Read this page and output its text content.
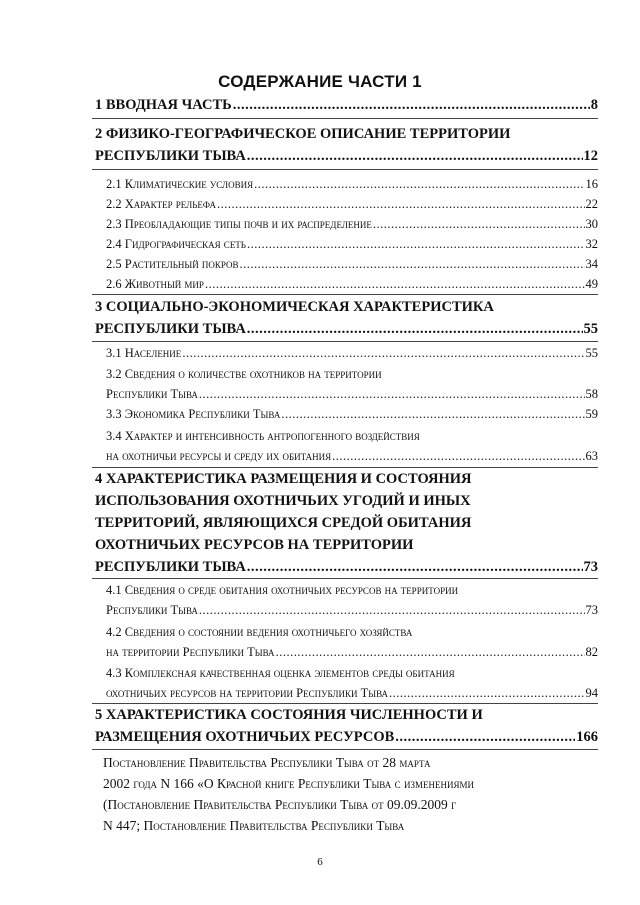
СОДЕРЖАНИЕ ЧАСТИ 1
1 ВВОДНАЯ ЧАСТЬ .....	8
2 ФИЗИКО-ГЕОГРАФИЧЕСКОЕ ОПИСАНИЕ ТЕРРИТОРИИ
РЕСПУБЛИКИ ТЫВА .....	12
2.1 Климатические условия .....	16
2.2 Характер рельефа .....	22
2.3 Преобладающие типы почв и их распределение .....	30
2.4 Гидрографическая сеть .....	32
2.5 Растительный покров .....	34
2.6 Животный мир .....	49
3 СОЦИАЛЬНО-ЭКОНОМИЧЕСКАЯ ХАРАКТЕРИСТИКА
РЕСПУБЛИКИ ТЫВА .....	55
3.1 Население .....	55
3.2 Сведения о количестве охотников на территории
Республики Тыва .....	58
3.3 Экономика Республики Тыва .....	59
3.4 Характер и интенсивность антропогенного воздействия
на охотничьи ресурсы и среду их обитания .....	63
4 ХАРАКТЕРИСТИКА РАЗМЕЩЕНИЯ И СОСТОЯНИЯ
ИСПОЛЬЗОВАНИЯ ОХОТНИЧЬИХ УГОДИЙ И ИНЫХ
ТЕРРИТОРИЙ, ЯВЛЯЮЩИХСЯ СРЕДОЙ ОБИТАНИЯ
ОХОТНИЧЬИХ РЕСУРСОВ НА ТЕРРИТОРИИ
РЕСПУБЛИКИ ТЫВА .....	73
4.1 Сведения о среде обитания охотничьих ресурсов на территории
Республики Тыва .....	73
4.2 Сведения о состоянии ведения охотничьего хозяйства
на территории Республики Тыва .....	82
4.3 Комплексная качественная оценка элементов среды обитания
охотничьих ресурсов на территории Республики Тыва .....	94
5 ХАРАКТЕРИСТИКА СОСТОЯНИЯ ЧИСЛЕННОСТИ И
РАЗМЕЩЕНИЯ ОХОТНИЧЬИХ РЕСУРСОВ .....	166
Постановление Правительства Республики Тыва от 28 марта
2002 года N 166 «О Красной книге Республики Тыва с изменениями
(Постановление Правительства Республики Тыва от 09.09.2009 г
N 447; Постановление Правительства Республики Тыва
6
